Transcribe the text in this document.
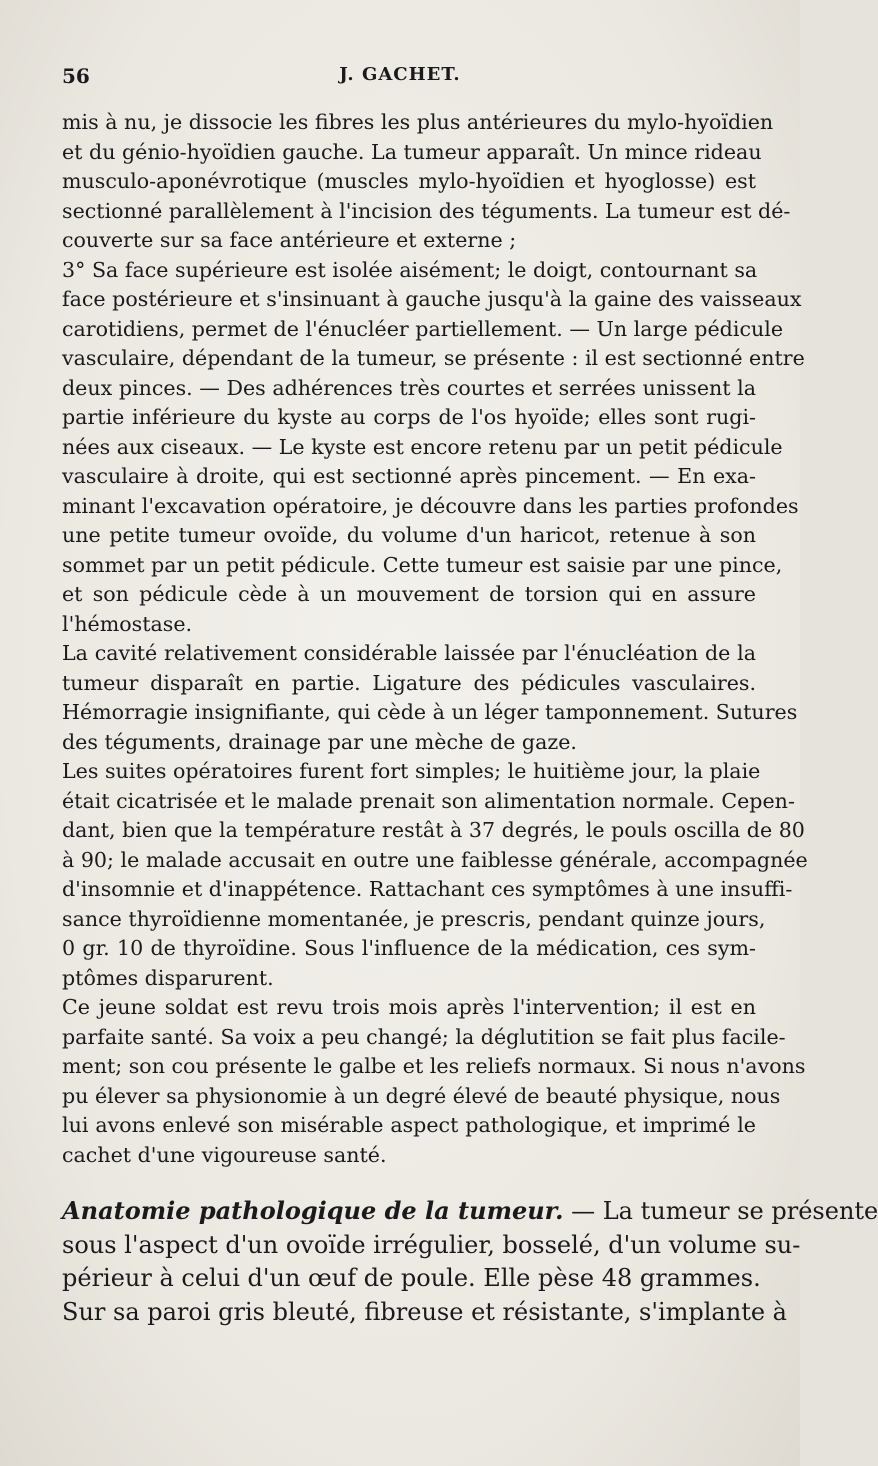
56	J. GACHET.
mis à nu, je dissocie les fibres les plus antérieures du mylo-hyoïdien
et du génio-hyoïdien gauche. La tumeur apparaît. Un mince rideau
musculo-aponévrotique (muscles mylo-hyoïdien et hyoglosse) est
sectionné parallèlement à l'incision des téguments. La tumeur est dé-
couverte sur sa face antérieure et externe ;
3° Sa face supérieure est isolée aisément; le doigt, contournant sa
face postérieure et s'insinuant à gauche jusqu'à la gaine des vaisseaux
carotidiens, permet de l'énucléer partiellement. — Un large pédicule
vasculaire, dépendant de la tumeur, se présente : il est sectionné entre
deux pinces. — Des adhérences très courtes et serrées unissent la
partie inférieure du kyste au corps de l'os hyoïde; elles sont rugi-
nées aux ciseaux. — Le kyste est encore retenu par un petit pédicule
vasculaire à droite, qui est sectionné après pincement. — En exa-
minant l'excavation opératoire, je découvre dans les parties profondes
une petite tumeur ovoïde, du volume d'un haricot, retenue à son
sommet par un petit pédicule. Cette tumeur est saisie par une pince,
et son pédicule cède à un mouvement de torsion qui en assure
l'hémostase.
La cavité relativement considérable laissée par l'énucléation de la
tumeur disparaît en partie. Ligature des pédicules vasculaires.
Hémorragie insignifiante, qui cède à un léger tamponnement. Sutures
des téguments, drainage par une mèche de gaze.
Les suites opératoires furent fort simples; le huitième jour, la plaie
était cicatrisée et le malade prenait son alimentation normale. Cepen-
dant, bien que la température restât à 37 degrés, le pouls oscilla de 80
à 90; le malade accusait en outre une faiblesse générale, accompagnée
d'insomnie et d'inappétence. Rattachant ces symptômes à une insuffi-
sance thyroïdienne momentanée, je prescris, pendant quinze jours,
0 gr. 10 de thyroïdine. Sous l'influence de la médication, ces sym-
ptômes disparurent.
Ce jeune soldat est revu trois mois après l'intervention; il est en
parfaite santé. Sa voix a peu changé; la déglutition se fait plus facile-
ment; son cou présente le galbe et les reliefs normaux. Si nous n'avons
pu élever sa physionomie à un degré élevé de beauté physique, nous
lui avons enlevé son misérable aspect pathologique, et imprimé le
cachet d'une vigoureuse santé.
Anatomie pathologique de la tumeur. — La tumeur se présente
sous l'aspect d'un ovoïde irrégulier, bosselé, d'un volume su-
périeur à celui d'un œuf de poule. Elle pèse 48 grammes.
Sur sa paroi gris bleuté, fibreuse et résistante, s'implante à
